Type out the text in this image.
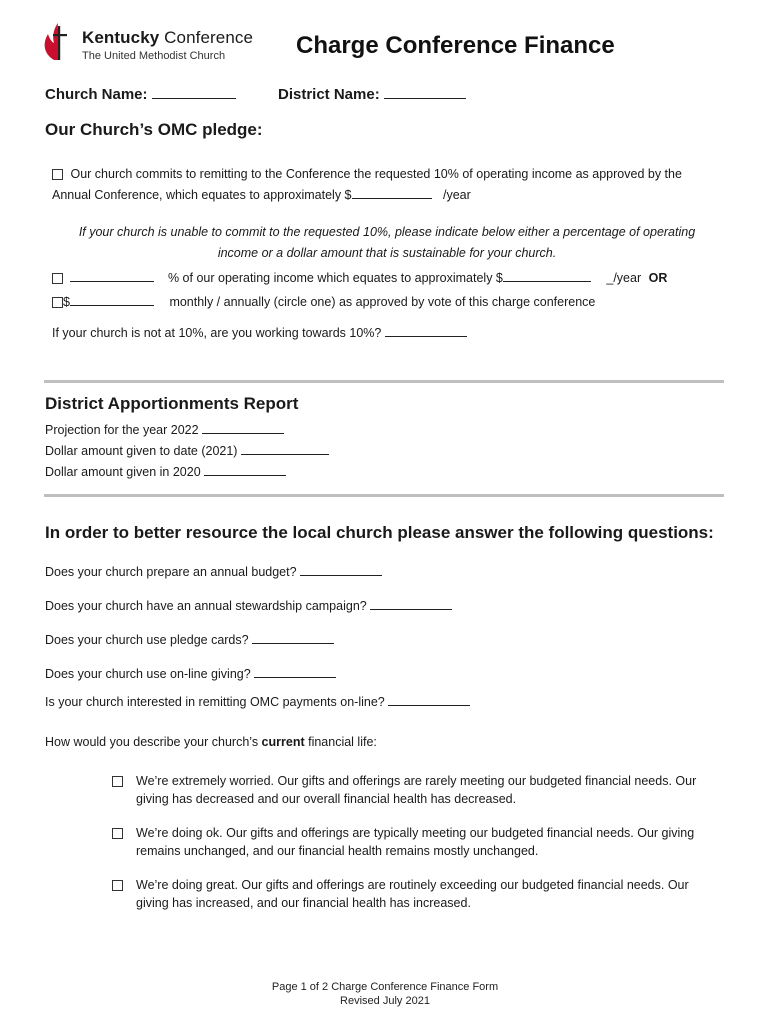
Kentucky Conference
The United Methodist Church	Charge Conference Finance
Church Name:	District Name:
Our Church’s OMC pledge:
Our church commits to remitting to the Conference the requested 10% of operating income as approved by the
Annual Conference, which equates to approximately $	/year
If your church is unable to commit to the requested 10%, please indicate below either a percentage of operating
income or a dollar amount that is sustainable for your church.
% of our operating income which equates to approximately $	_/year OR
$	monthly / annually (circle one) as approved by vote of this charge conference
If your church is not at 10%, are you working towards 10%?
District Apportionments Report
Projection for the year 2022
Dollar amount given to date (2021)
Dollar amount given in 2020
In order to better resource the local church please answer the following questions:
Does your church prepare an annual budget?
Does your church have an annual stewardship campaign?
Does your church use pledge cards?
Does your church use on-line giving?
Is your church interested in remitting OMC payments on-line?
How would you describe your church’s current financial life:
We’re extremely worried. Our gifts and offerings are rarely meeting our budgeted financial needs. Our
giving has decreased and our overall financial health has decreased.
We’re doing ok. Our gifts and offerings are typically meeting our budgeted financial needs. Our giving
remains unchanged, and our financial health remains mostly unchanged.
We’re doing great. Our gifts and offerings are routinely exceeding our budgeted financial needs. Our
giving has increased, and our financial health has increased.
Page 1 of 2 Charge Conference Finance Form
Revised July 2021
